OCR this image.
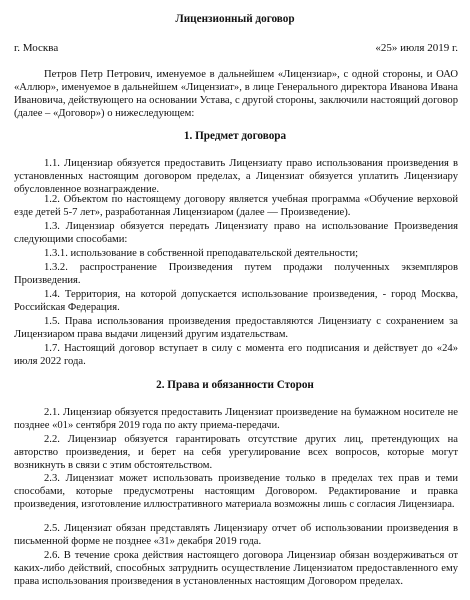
Лицензионный договор
г. Москва	«25» июля 2019 г.

Петров Петр Петрович, именуемое в дальнейшем «Лицензиар», с одной стороны, и ОАО «Аллюр», именуемое в дальнейшем «Лицензиат», в лице Генерального директора Иванова Ивана Ивановича, действующего на основании Устава, с другой стороны, заключили настоящий договор (далее – «Договор») о нижеследующем:

1. Предмет договора

1.1. Лицензиар обязуется предоставить Лицензиату право использования произведения в установленных настоящим договором пределах, а Лицензиат обязуется уплатить Лицензиару обусловленное вознаграждение.

1.2. Объектом по настоящему договору является учебная программа «Обучение верховой езде детей 5-7 лет», разработанная Лицензиаром (далее — Произведение).

1.3. Лицензиар обязуется передать Лицензиату право на использование Произведения следующими способами:

1.3.1. использование в собственной преподавательской деятельности;

1.3.2. распространение Произведения путем продажи полученных экземпляров Произведения.

1.4. Территория, на которой допускается использование произведения, - город Москва, Российская Федерация.

1.5. Права использования произведения предоставляются Лицензиату с сохранением за Лицензиаром права выдачи лицензий другим издательствам.

1.7. Настоящий договор вступает в силу с момента его подписания и действует до «24» июля 2022 года.

2. Права и обязанности Сторон

2.1. Лицензиар обязуется предоставить Лицензиат произведение на бумажном носителе не позднее «01» сентября 2019 года по акту приема-передачи.

2.2. Лицензиар обязуется гарантировать отсутствие других лиц, претендующих на авторство произведения, и берет на себя урегулирование всех вопросов, которые могут возникнуть в связи с этим обстоятельством.

2.3. Лицензиат может использовать произведение только в пределах тех прав и теми способами, которые предусмотрены настоящим Договором. Редактирование и правка произведения, изготовление иллюстративного материала возможны лишь с согласия Лицензиара.

2.5. Лицензиат обязан представлять Лицензиару отчет об использовании произведения в письменной форме не позднее «31» декабря 2019 года.

2.6. В течение срока действия настоящего договора Лицензиар обязан воздерживаться от каких-либо действий, способных затруднить осуществление Лицензиатом предоставленного ему права использования произведения в установленных настоящим Договором пределах.
